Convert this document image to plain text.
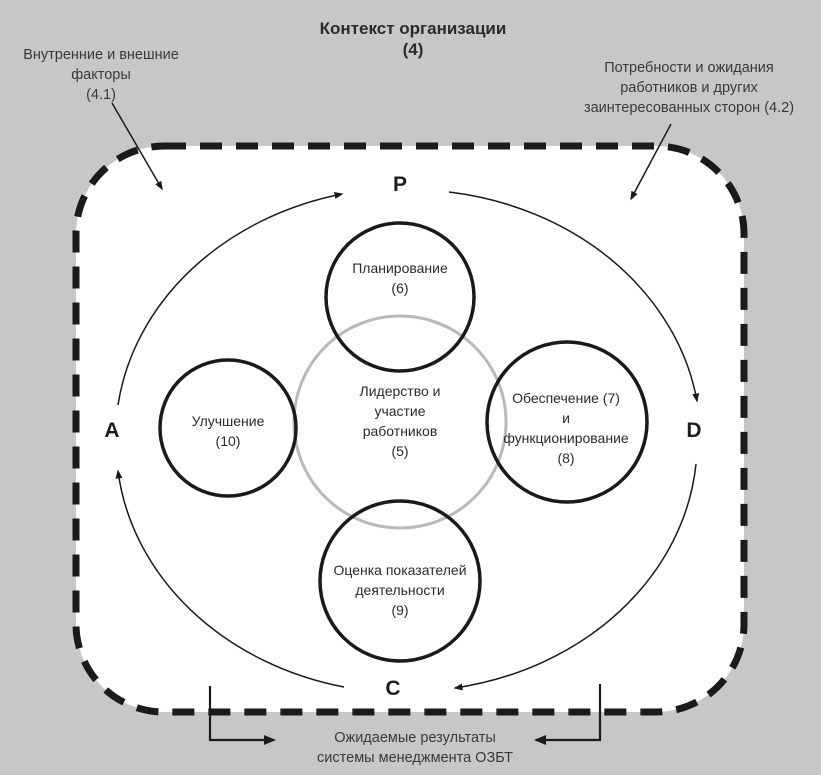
Контекст организации
(4)
Внутренние и внешние
факторы
(4.1)
Потребности и ожидания
работников и других
заинтересованных сторон (4.2)
Ожидаемые результаты
системы менеджмента ОЗБТ
P
D
C
A
Лидерство и
участие
работников
(5)
Планирование
(6)
Обеспечение (7)
и
функционирование
(8)
Оценка показателей
деятельности
(9)
Улучшение
(10)
